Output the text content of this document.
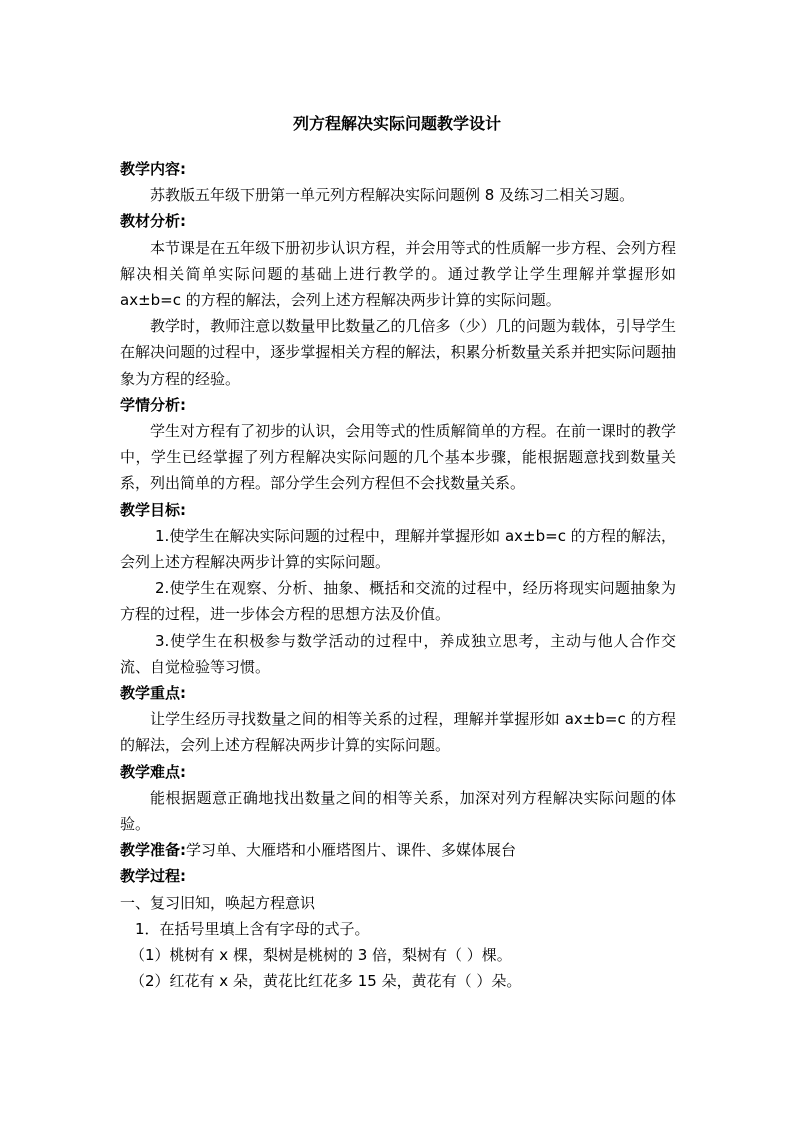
列方程解决实际问题教学设计

教学内容:

苏教版五年级下册第一单元列方程解决实际问题例 8 及练习二相关习题。

教材分析:

本节课是在五年级下册初步认识方程，并会用等式的性质解一步方程、会列方程解决相关简单实际问题的基础上进行教学的。通过教学让学生理解并掌握形如 ax±b=c 的方程的解法，会列上述方程解决两步计算的实际问题。

教学时，教师注意以数量甲比数量乙的几倍多（少）几的问题为载体，引导学生在解决问题的过程中，逐步掌握相关方程的解法，积累分析数量关系并把实际问题抽象为方程的经验。

学情分析:

学生对方程有了初步的认识，会用等式的性质解简单的方程。在前一课时的教学中，学生已经掌握了列方程解决实际问题的几个基本步骤，能根据题意找到数量关系，列出简单的方程。部分学生会列方程但不会找数量关系。

教学目标:

1.使学生在解决实际问题的过程中，理解并掌握形如 ax±b=c 的方程的解法，会列上述方程解决两步计算的实际问题。

2.使学生在观察、分析、抽象、概括和交流的过程中，经历将现实问题抽象为方程的过程，进一步体会方程的思想方法及价值。

3.使学生在积极参与数学活动的过程中，养成独立思考，主动与他人合作交流、自觉检验等习惯。

教学重点:

让学生经历寻找数量之间的相等关系的过程，理解并掌握形如 ax±b=c 的方程的解法，会列上述方程解决两步计算的实际问题。

教学难点:

能根据题意正确地找出数量之间的相等关系，加深对列方程解决实际问题的体验。

教学准备:学习单、大雁塔和小雁塔图片、课件、多媒体展台

教学过程:

一、复习旧知，唤起方程意识

1．在括号里填上含有字母的式子。

（1）桃树有 x 棵，梨树是桃树的 3 倍，梨树有（ ）棵。

（2）红花有 x 朵，黄花比红花多 15 朵，黄花有（ ）朵。
